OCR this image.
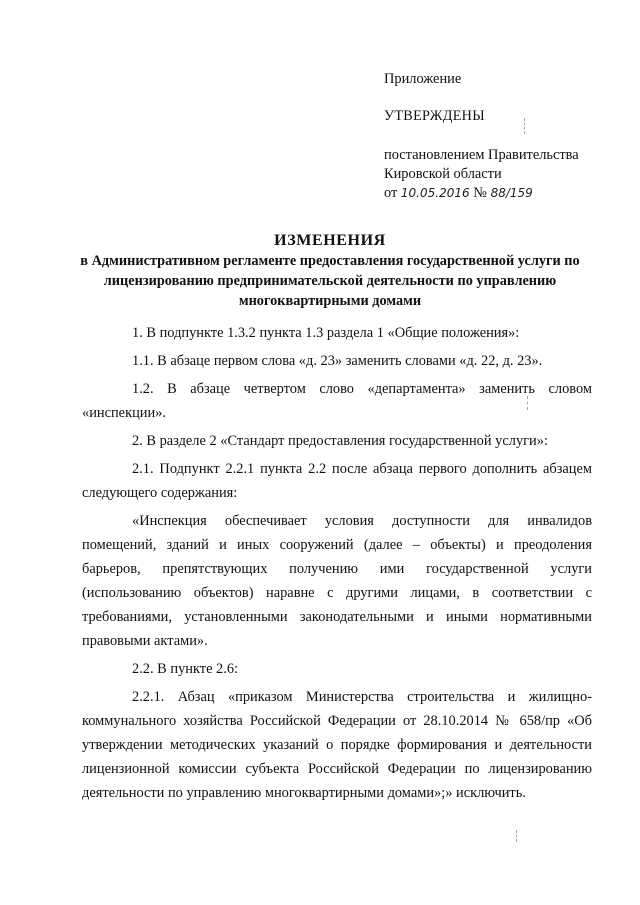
Приложение

УТВЕРЖДЕНЫ

постановлением Правительства

Кировской области

от 10.05.2016 № 88/159

ИЗМЕНЕНИЯ

в Административном регламенте предоставления государственной услуги по лицензированию предпринимательской деятельности по управлению многоквартирными домами

1. В подпункте 1.3.2 пункта 1.3 раздела 1 «Общие положения»:

1.1. В абзаце первом слова «д. 23» заменить словами «д. 22, д. 23».

1.2. В абзаце четвертом слово «департамента» заменить словом «инспекции».

2. В разделе 2 «Стандарт предоставления государственной услуги»:

2.1. Подпункт 2.2.1 пункта 2.2 после абзаца первого дополнить абзацем следующего содержания:

«Инспекция обеспечивает условия доступности для инвалидов помещений, зданий и иных сооружений (далее – объекты) и преодоления барьеров, препятствующих получению ими государственной услуги (использованию объектов) наравне с другими лицами, в соответствии с требованиями, установленными законодательными и иными нормативными правовыми актами».

2.2. В пункте 2.6:

2.2.1. Абзац «приказом Министерства строительства и жилищно-коммунального хозяйства Российской Федерации от 28.10.2014 № 658/пр «Об утверждении методических указаний о порядке формирования и деятельности лицензионной комиссии субъекта Российской Федерации по лицензированию деятельности по управлению многоквартирными домами»;» исключить.
